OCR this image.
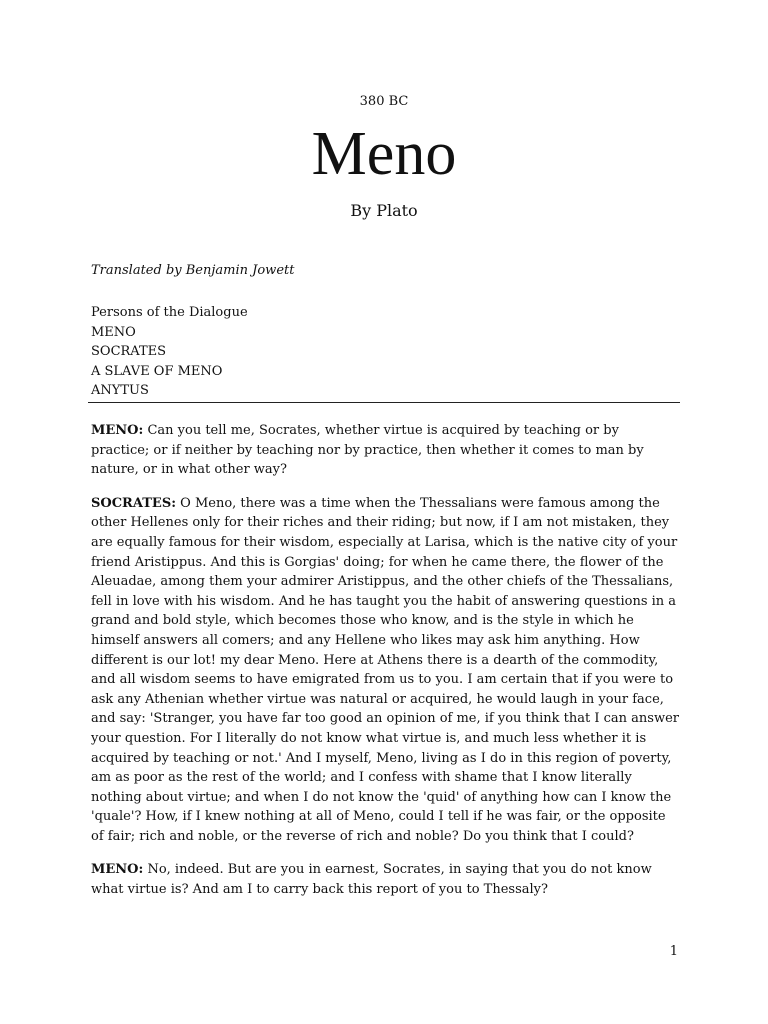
380 BC
Meno
By Plato
Translated by Benjamin Jowett
Persons of the Dialogue
MENO
SOCRATES
A SLAVE OF MENO
ANYTUS

MENO: Can you tell me, Socrates, whether virtue is acquired by teaching or by practice; or if neither by teaching nor by practice, then whether it comes to man by nature, or in what other way?

SOCRATES: O Meno, there was a time when the Thessalians were famous among the other Hellenes only for their riches and their riding; but now, if I am not mistaken, they are equally famous for their wisdom, especially at Larisa, which is the native city of your friend Aristippus. And this is Gorgias' doing; for when he came there, the flower of the Aleuadae, among them your admirer Aristippus, and the other chiefs of the Thessalians, fell in love with his wisdom. And he has taught you the habit of answering questions in a grand and bold style, which becomes those who know, and is the style in which he himself answers all comers; and any Hellene who likes may ask him anything. How different is our lot! my dear Meno. Here at Athens there is a dearth of the commodity, and all wisdom seems to have emigrated from us to you. I am certain that if you were to ask any Athenian whether virtue was natural or acquired, he would laugh in your face, and say: 'Stranger, you have far too good an opinion of me, if you think that I can answer your question. For I literally do not know what virtue is, and much less whether it is acquired by teaching or not.' And I myself, Meno, living as I do in this region of poverty, am as poor as the rest of the world; and I confess with shame that I know literally nothing about virtue; and when I do not know the 'quid' of anything how can I know the 'quale'? How, if I knew nothing at all of Meno, could I tell if he was fair, or the opposite of fair; rich and noble, or the reverse of rich and noble? Do you think that I could?

MENO: No, indeed. But are you in earnest, Socrates, in saying that you do not know what virtue is? And am I to carry back this report of you to Thessaly?

1
